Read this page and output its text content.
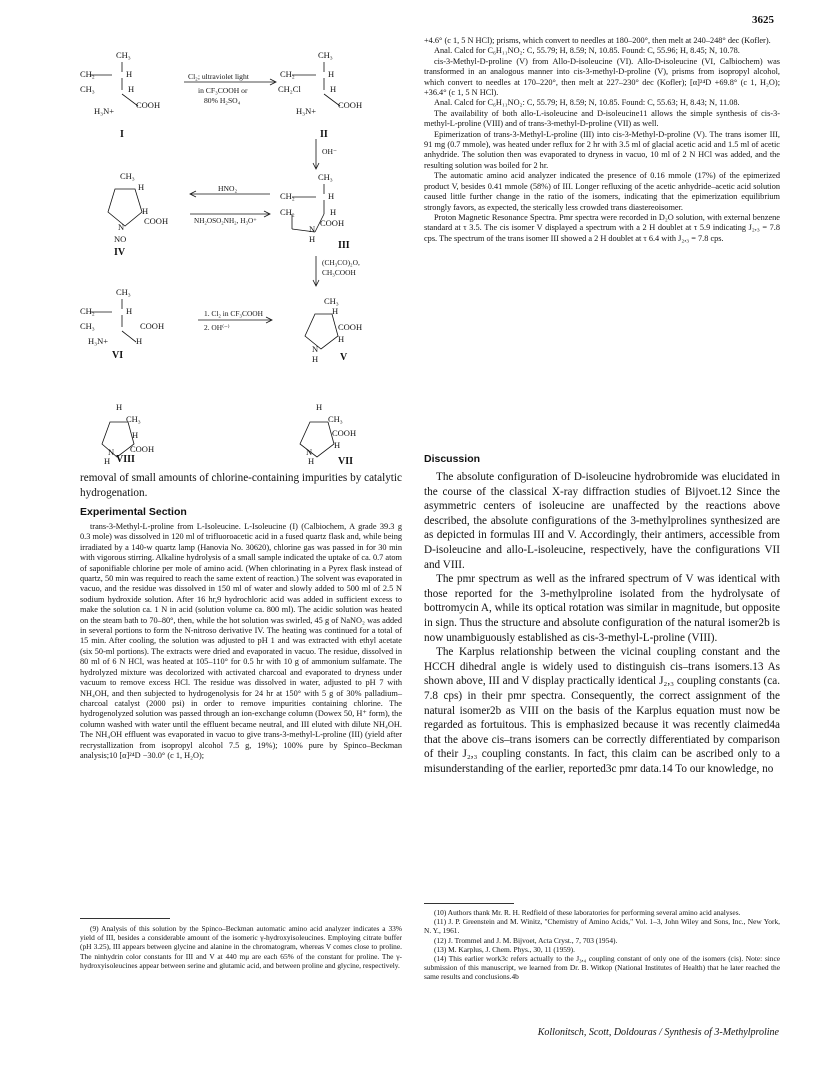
3625
CH₃
CH₂	H
CH₃	H
COOH
H₃N+
I
Cl₂; ultraviolet light
in CF₃COOH or
80% H₂SO₄
CH₃
CH₂	H
CH₂Cl	H
COOH
H₃N+
II
OH⁻
CH₃
H
H
COOH
N
NO
IV
HNO₂
NH₂OSO₂NH₂, H₃O⁺
CH₃
CH₂	H
CH₂	H
COOH
N
H
III
(CH₃CO)₂O,
CH₃COOH
CH₃
CH₂	H
CH₃	COOH
H₃N+	H
VI
1. Cl₂ in CF₃COOH
2. OH⁽⁻⁾
CH₃
H
COOH
H
N
H V
H
CH₃
H
N COOH
H VIII
H
CH₃
COOH
H
N
H VII

removal of small amounts of chlorine-containing impurities by catalytic hydrogenation.

Experimental Section

trans-3-Methyl-L-proline from L-Isoleucine. L-Isoleucine (I) (Calbiochem, A grade 39.3 g 0.3 mole) was dissolved in 120 ml of trifluoroacetic acid in a fused quartz flask and, while being irradiated by a 140-w quartz lamp (Hanovia No. 30620), chlorine gas was passed in for 30 min with vigorous stirring. Alkaline hydrolysis of a small sample indicated the uptake of ca. 0.7 atom of saponifiable chlorine per mole of amino acid. (When chlorinating in a Pyrex flask instead of quartz, 50 min was required to reach the same extent of reaction.) The solvent was evaporated in vacuo, and the residue was dissolved in 150 ml of water and slowly added to 500 ml of 2.5 N sodium hydroxide solution. After 16 hr,9 hydrochloric acid was added in sufficient excess to make the solution ca. 1 N in acid (solution volume ca. 800 ml). The acidic solution was heated on the steam bath to 70–80°, then, while the hot solution was swirled, 45 g of NaNO₂ was added in several portions to form the N-nitroso derivative IV. The heating was continued for a total of 15 min. After cooling, the solution was adjusted to pH 1 and was extracted with ethyl acetate (six 50-ml portions). The extracts were dried and evaporated in vacuo. The residue, dissolved in 80 ml of 6 N HCl, was heated at 105–110° for 0.5 hr with 10 g of ammonium sulfamate. The hydrolyzed mixture was decolorized with activated charcoal and evaporated to dryness under vacuum to remove excess HCl. The residue was dissolved in water, adjusted to pH 7 with NH₄OH, and then subjected to hydrogenolysis for 24 hr at 150° with 5 g of 30% palladium–charcoal catalyst (2000 psi) in order to remove impurities containing chlorine. The hydrogenolyzed solution was passed through an ion-exchange column (Dowex 50, H⁺ form), the column washed with water until the effluent became neutral, and III eluted with dilute NH₄OH. The NH₄OH effluent was evaporated in vacuo to give trans-3-methyl-L-proline (III) (yield after recrystallization from isopropyl alcohol 7.5 g, 19%); 100% pure by Spinco–Beckman analysis;10 [α]²⁴D −30.0° (c 1, H₂O);

(9) Analysis of this solution by the Spinco–Beckman automatic amino acid analyzer indicates a 33% yield of III, besides a considerable amount of the isomeric γ-hydroxyisoleucines. Employing citrate buffer (pH 3.25), III appears between glycine and alanine in the chromatogram, whereas V comes close to proline. The ninhydrin color constants for III and V at 440 mμ are each 65% of the constant for proline. The γ-hydroxyisoleucines appear between serine and glutamic acid, and between proline and glycine, respectively.

+4.6° (c 1, 5 N HCl); prisms, which convert to needles at 180–200°, then melt at 240–248° dec (Kofler).

Anal. Calcd for C₆H₁₁NO₂: C, 55.79; H, 8.59; N, 10.85. Found: C, 55.96; H, 8.45; N, 10.78.

cis-3-Methyl-D-proline (V) from Allo-D-isoleucine (VI). Allo-D-isoleucine (VI, Calbiochem) was transformed in an analogous manner into cis-3-methyl-D-proline (V), prisms from isopropyl alcohol, which convert to needles at 170–220°, then melt at 227–230° dec (Kofler); [α]²⁴D +69.8° (c 1, H₂O); +36.4° (c 1, 5 N HCl).

Anal. Calcd for C₆H₁₁NO₂: C, 55.79; H, 8.59; N, 10.85. Found: C, 55.63; H, 8.43; N, 11.08.

The availability of both allo-L-isoleucine and D-isoleucine11 allows the simple synthesis of cis-3-methyl-L-proline (VIII) and of trans-3-methyl-D-proline (VII) as well.

Epimerization of trans-3-Methyl-L-proline (III) into cis-3-Methyl-D-proline (V). The trans isomer III, 91 mg (0.7 mmole), was heated under reflux for 2 hr with 3.5 ml of glacial acetic acid and 1.5 ml of acetic anhydride. The solution then was evaporated to dryness in vacuo, 10 ml of 2 N HCl was added, and the resulting solution was boiled for 2 hr.

The automatic amino acid analyzer indicated the presence of 0.16 mmole (17%) of the epimerized product V, besides 0.41 mmole (58%) of III. Longer refluxing of the acetic anhydride–acetic acid solution caused little further change in the ratio of the isomers, indicating that the epimerization equilibrium strongly favors, as expected, the sterically less crowded trans diastereoisomer.

Proton Magnetic Resonance Spectra. Pmr spectra were recorded in D₂O solution, with external benzene standard at τ 3.5. The cis isomer V displayed a spectrum with a 2 H doublet at τ 5.9 indicating J₂,₃ = 7.8 cps. The spectrum of the trans isomer III showed a 2 H doublet at τ 6.4 with J₂,₃ = 7.8 cps.

Discussion

The absolute configuration of D-isoleucine hydrobromide was elucidated in the course of the classical X-ray diffraction studies of Bijvoet.12 Since the asymmetric centers of isoleucine are unaffected by the reactions above described, the absolute configurations of the 3-methylprolines synthesized are as depicted in formulas III and V. Accordingly, their antimers, accessible from D-isoleucine and allo-L-isoleucine, respectively, have the configurations VII and VIII.

The pmr spectrum as well as the infrared spectrum of V was identical with those reported for the 3-methylproline isolated from the hydrolysate of bottromycin A, while its optical rotation was similar in magnitude, but opposite in sign. Thus the structure and absolute configuration of the natural isomer2b is now unambiguously established as cis-3-methyl-L-proline (VIII).

The Karplus relationship between the vicinal coupling constant and the HCCH dihedral angle is widely used to distinguish cis–trans isomers.13 As shown above, III and V display practically identical J₂,₃ coupling constants (ca. 7.8 cps) in their pmr spectra. Consequently, the correct assignment of the natural isomer2b as VIII on the basis of the Karplus equation must now be regarded as fortuitous. This is emphasized because it was recently claimed4a that the above cis–trans isomers can be correctly differentiated by comparison of their J₂,₃ coupling constants. In fact, this claim can be ascribed only to a misunderstanding of the earlier, reported3c pmr data.14 To our knowledge, no

(10) Authors thank Mr. R. H. Redfield of these laboratories for performing several amino acid analyses.

(11) J. P. Greenstein and M. Winitz, "Chemistry of Amino Acids," Vol. 1–3, John Wiley and Sons, Inc., New York, N. Y., 1961.

(12) J. Trommel and J. M. Bijvoet, Acta Cryst., 7, 703 (1954).

(13) M. Karplus, J. Chem. Phys., 30, 11 (1959).

(14) This earlier work3c refers actually to the J₃,₄ coupling constant of only one of the isomers (cis). Note: since submission of this manuscript, we learned from Dr. B. Witkop (National Institutes of Health) that he later reached the same results and conclusions.4b

Kollonitsch, Scott, Doldouras / Synthesis of 3-Methylproline
